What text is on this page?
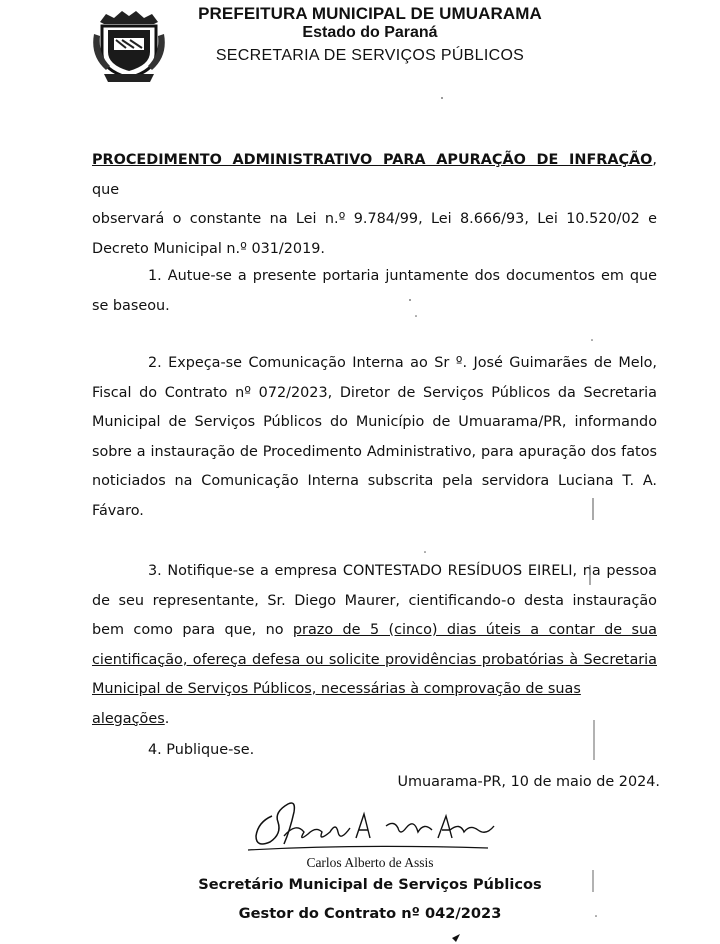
PREFEITURA MUNICIPAL DE UMUARAMA
Estado do Paraná
SECRETARIA DE SERVIÇOS PÚBLICOS
PROCEDIMENTO ADMINISTRATIVO PARA APURAÇÃO DE INFRAÇÃO, que
observará o constante na Lei n.º 9.784/99, Lei 8.666/93, Lei 10.520/02 e
Decreto Municipal n.º 031/2019.
1. Autue-se a presente portaria juntamente dos documentos em que
se baseou.
2. Expeça-se Comunicação Interna ao Sr º. José Guimarães de Melo,
Fiscal do Contrato nº 072/2023, Diretor de Serviços Públicos da Secretaria
Municipal de Serviços Públicos do Município de Umuarama/PR, informando
sobre a instauração de Procedimento Administrativo, para apuração dos fatos
noticiados na Comunicação Interna subscrita pela servidora Luciana T. A.
Fávaro.
3. Notifique-se a empresa CONTESTADO RESÍDUOS EIRELI, na pessoa
de seu representante, Sr. Diego Maurer, cientificando-o desta instauração
bem como para que, no prazo de 5 (cinco) dias úteis a contar de sua
cientificação, ofereça defesa ou solicite providências probatórias à Secretaria
Municipal de Serviços Públicos, necessárias à comprovação de suas alegações.
4. Publique-se.
Umuarama-PR, 10 de maio de 2024.
Carlos Alberto de Assis
Secretário Municipal de Serviços Públicos
Gestor do Contrato nº 042/2023
